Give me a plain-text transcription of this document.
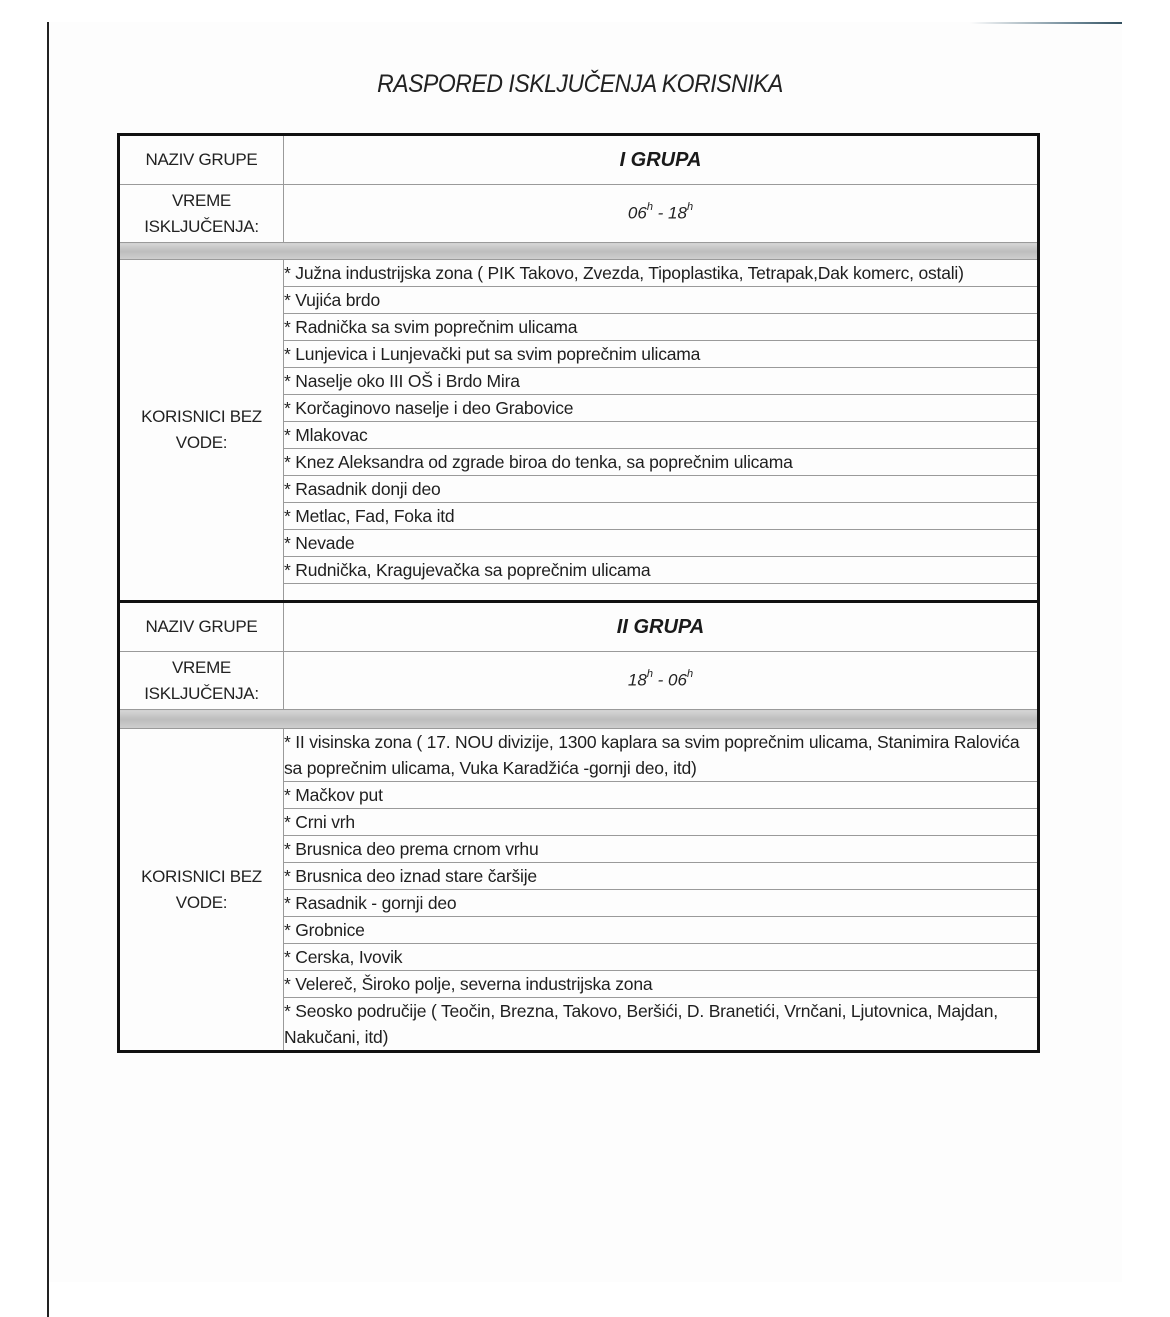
RASPORED ISKLJUČENJA KORISNIKA
NAZIV GRUPE	I GRUPA
VREME
ISKLJUČENJA:	06$^h$ - 18$^h$

KORISNICI BEZ
VODE:	* Južna industrijska zona ( PIK Takovo, Zvezda, Tipoplastika, Tetrapak,Dak komerc, ostali)
	* Vujića brdo
	* Radnička sa svim poprečnim ulicama
	* Lunjevica i Lunjevački put sa svim poprečnim ulicama
	* Naselje oko III OŠ i Brdo Mira
	* Korčaginovo naselje i deo Grabovice
	* Mlakovac
	* Knez Aleksandra od zgrade biroa do tenka, sa poprečnim ulicama
	* Rasadnik donji deo
	* Metlac, Fad, Foka itd
	* Nevade
	* Rudnička, Kragujevačka sa poprečnim ulicama

NAZIV GRUPE	II GRUPA
VREME
ISKLJUČENJA:	18$^h$ - 06$^h$

KORISNICI BEZ
VODE:	* II visinska zona ( 17. NOU divizije, 1300 kaplara sa svim poprečnim ulicama, Stanimira Ralovića sa poprečnim ulicama, Vuka Karadžića -gornji deo, itd)
	* Mačkov put
	* Crni vrh
	* Brusnica deo prema crnom vrhu
	* Brusnica deo iznad stare čaršije
	* Rasadnik - gornji deo
	* Grobnice
	* Cerska, Ivovik
	* Velereč, Široko polje, severna industrijska zona
	* Seosko područije ( Teočin, Brezna, Takovo, Beršići, D. Branetići, Vrnčani, Ljutovnica, Majdan, Nakučani, itd)
